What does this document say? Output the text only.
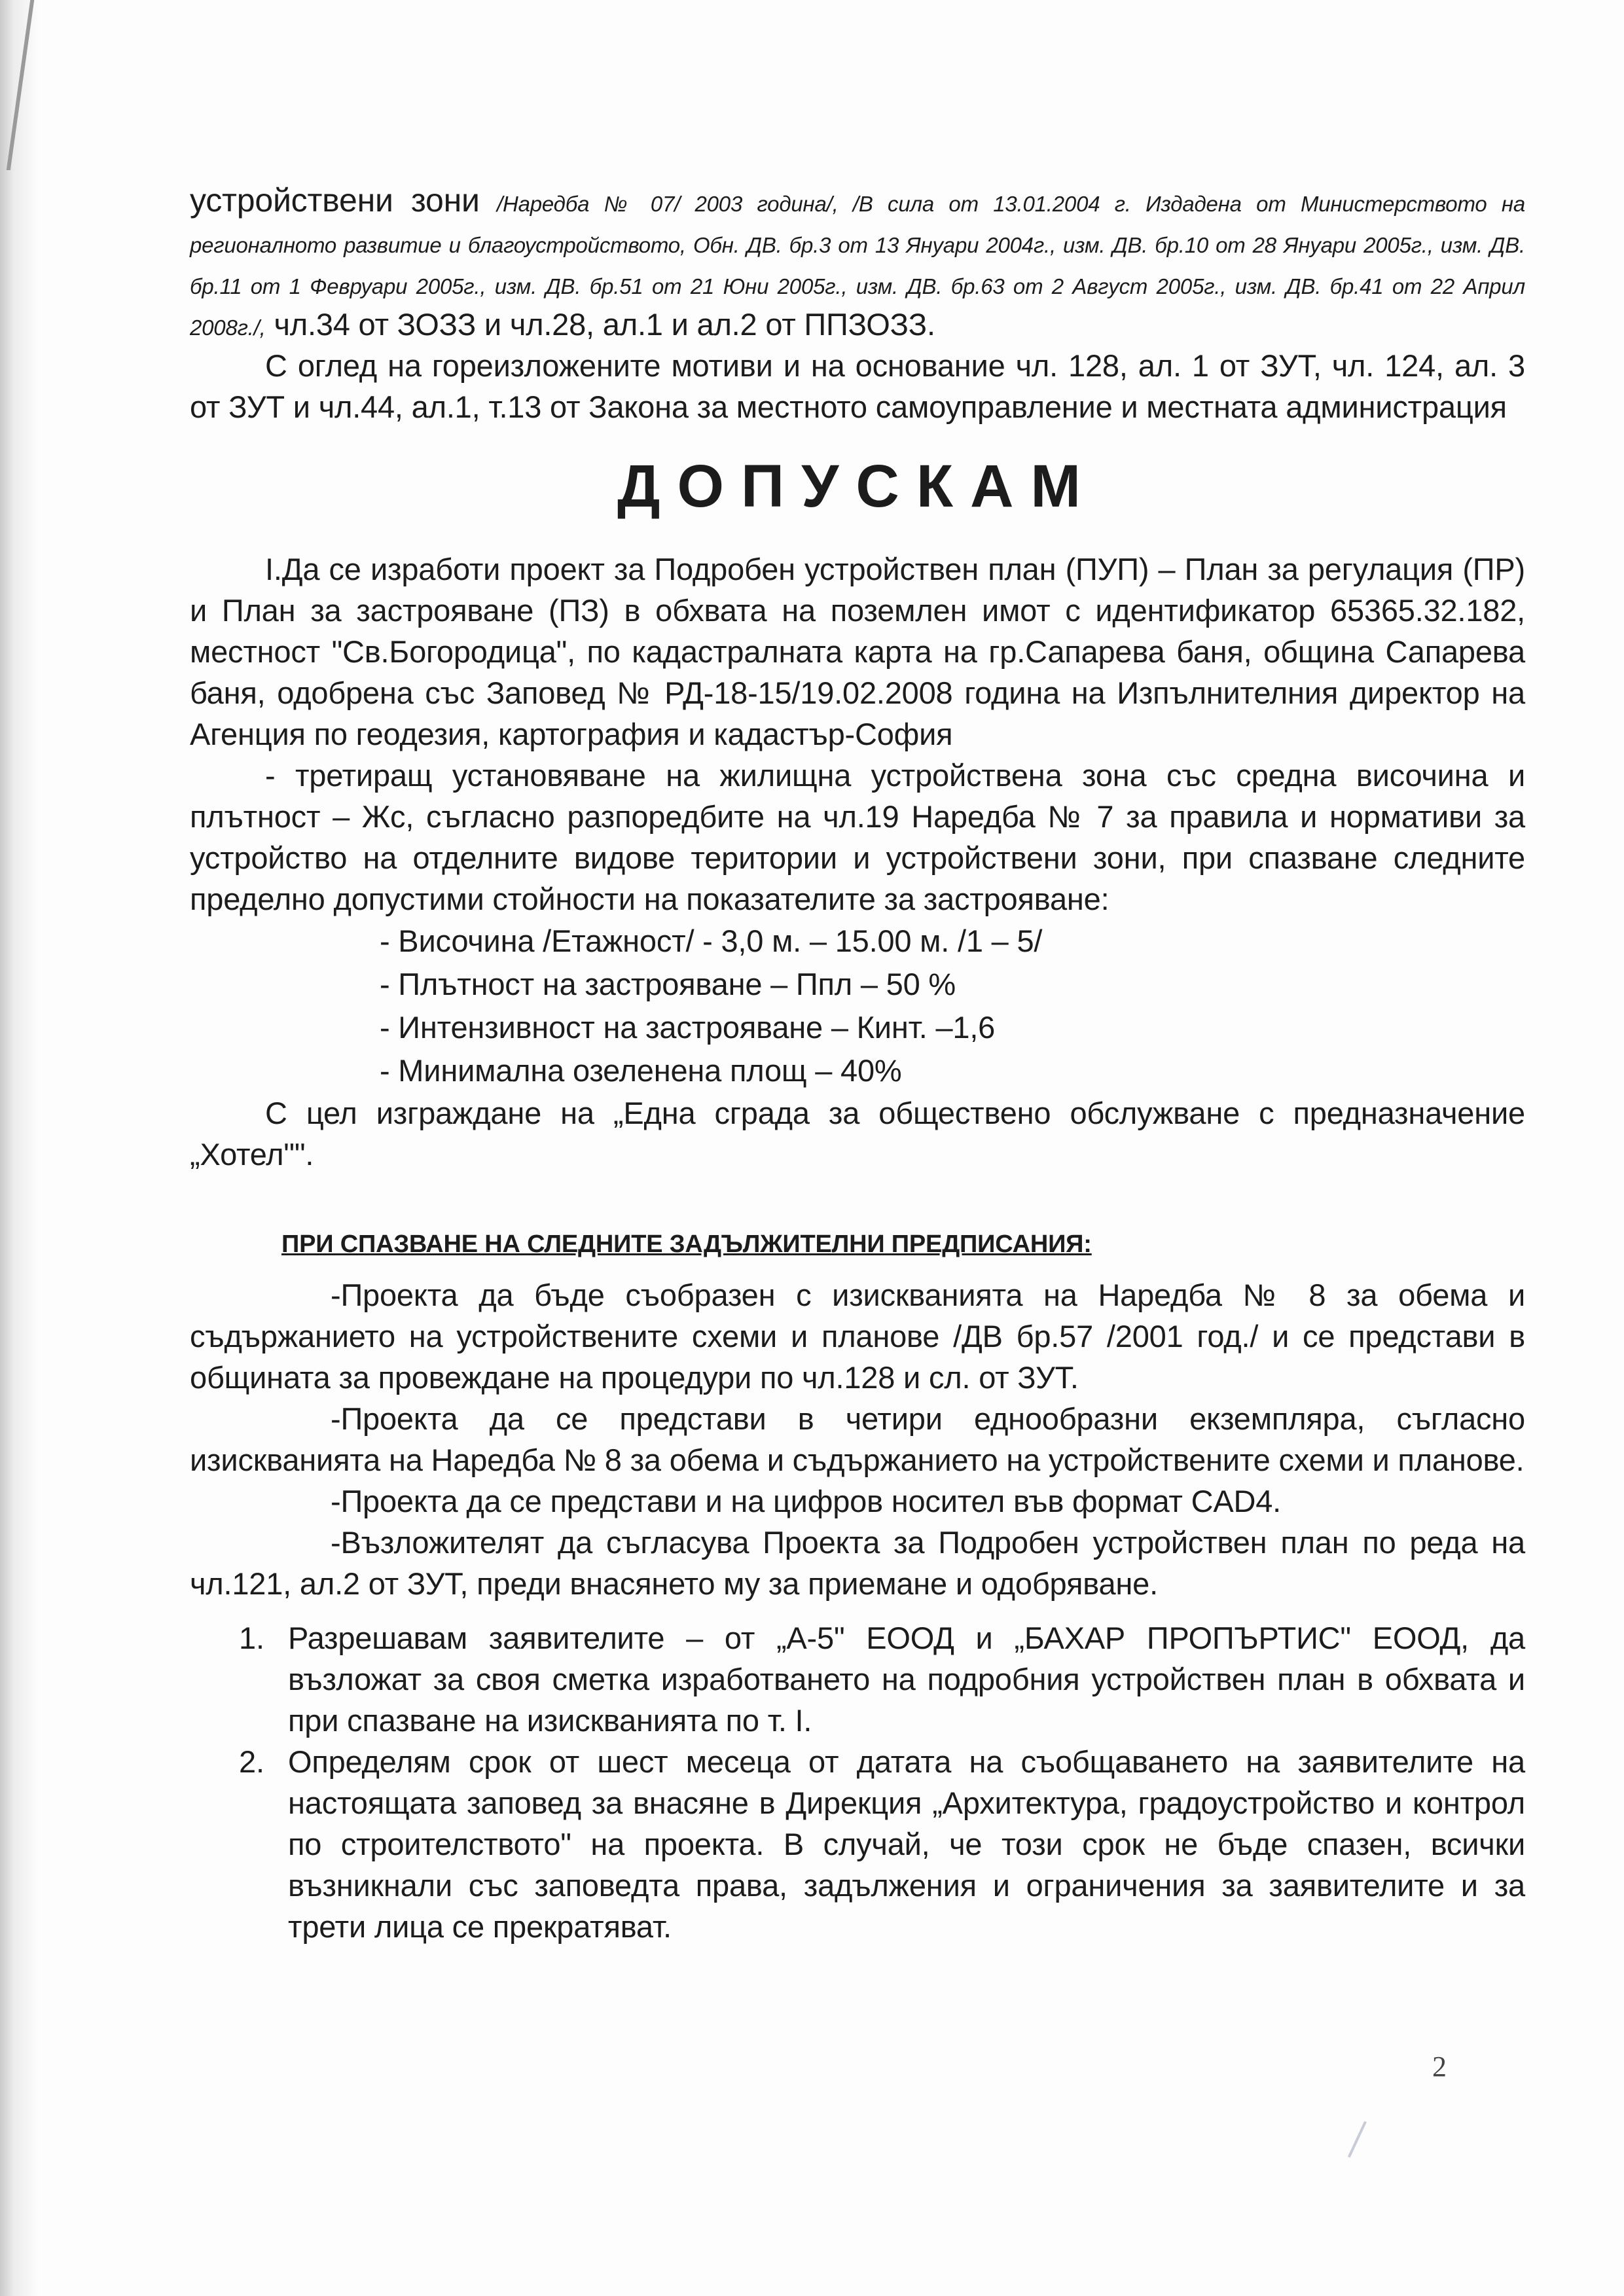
устройствени зони /Наредба № 07/ 2003 година/, /В сила от 13.01.2004 г. Издадена от Министерството на регионалното развитие и благоустройството, Обн. ДВ. бр.3 от 13 Януари 2004г., изм. ДВ. бр.10 от 28 Януари 2005г., изм. ДВ. бр.11 от 1 Февруари 2005г., изм. ДВ. бр.51 от 21 Юни 2005г., изм. ДВ. бр.63 от 2 Август 2005г., изм. ДВ. бр.41 от 22 Април 2008г./, чл.34 от ЗОЗЗ и чл.28, ал.1 и ал.2 от ППЗОЗЗ.

С оглед на гореизложените мотиви и на основание чл. 128, ал. 1 от ЗУТ, чл. 124, ал. 3 от ЗУТ и чл.44, ал.1, т.13 от Закона за местното самоуправление и местната администрация

ДОПУСКАМ

I.Да се изработи проект за Подробен устройствен план (ПУП) – План за регулация (ПР) и План за застрояване (ПЗ) в обхвата на поземлен имот с идентификатор 65365.32.182, местност "Св.Богородица", по кадастралната карта на гр.Сапарева баня, община Сапарева баня, одобрена със Заповед № РД-18-15/19.02.2008 година на Изпълнителния директор на Агенция по геодезия, картография и кадастър-София

- третиращ установяване на жилищна устройствена зона със средна височина и плътност – Жс, съгласно разпоредбите на чл.19 Наредба № 7 за правила и нормативи за устройство на отделните видове територии и устройствени зони, при спазване следните пределно допустими стойности на показателите за застрояване:

- Височина /Етажност/ - 3,0 м. – 15.00 м. /1 – 5/
- Плътност на застрояване – Ппл – 50 %
- Интензивност на застрояване – Кинт. –1,6
- Минимална озеленена площ – 40%

С цел изграждане на „Една сграда за обществено обслужване с предназначение „Хотел"".

ПРИ СПАЗВАНЕ НА СЛЕДНИТЕ ЗАДЪЛЖИТЕЛНИ ПРЕДПИСАНИЯ:

-Проекта да бъде съобразен с изискванията на Наредба № 8 за обема и съдържанието на устройствените схеми и планове /ДВ бр.57 /2001 год./ и се представи в общината за провеждане на процедури по чл.128 и сл. от ЗУТ.

-Проекта да се представи в четири еднообразни екземпляра, съгласно изискванията на Наредба № 8 за обема и съдържанието на устройствените схеми и планове.

-Проекта да се представи и на цифров носител във формат CAD4.

-Възложителят да съгласува Проекта за Подробен устройствен план по реда на чл.121, ал.2 от ЗУТ, преди внасянето му за приемане и одобряване.

1. Разрешавам заявителите – от „А-5" ЕООД и „БАХАР ПРОПЪРТИС" ЕООД, да възложат за своя сметка изработването на подробния устройствен план в обхвата и при спазване на изискванията по т. I.
2. Определям срок от шест месеца от датата на съобщаването на заявителите на настоящата заповед за внасяне в Дирекция „Архитектура, градоустройство и контрол по строителството" на проекта. В случай, че този срок не бъде спазен, всички възникнали със заповедта права, задължения и ограничения за заявителите и за трети лица се прекратяват.
2
